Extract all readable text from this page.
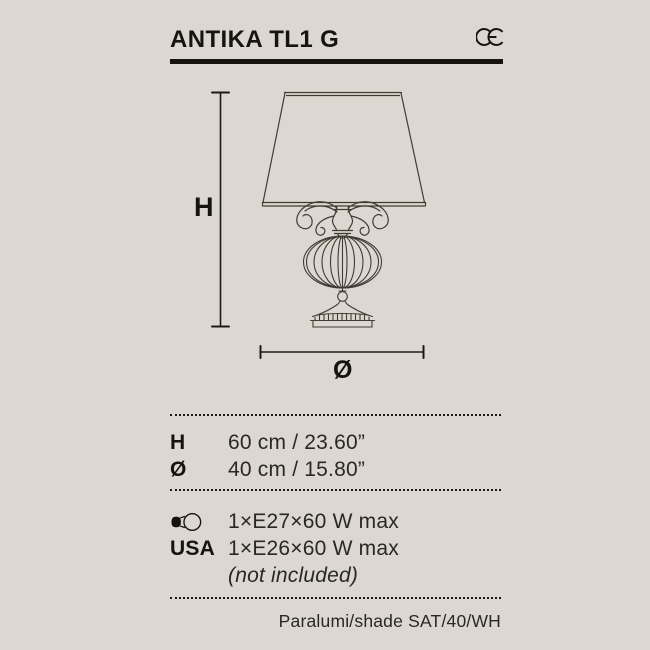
ANTIKA TL1 G
H
Ø
H 60 cm / 23.60”
Ø 40 cm / 15.80”
1×E27×60 W max
USA 1×E26×60 W max
(not included)
Paralumi/shade SAT/40/WH
